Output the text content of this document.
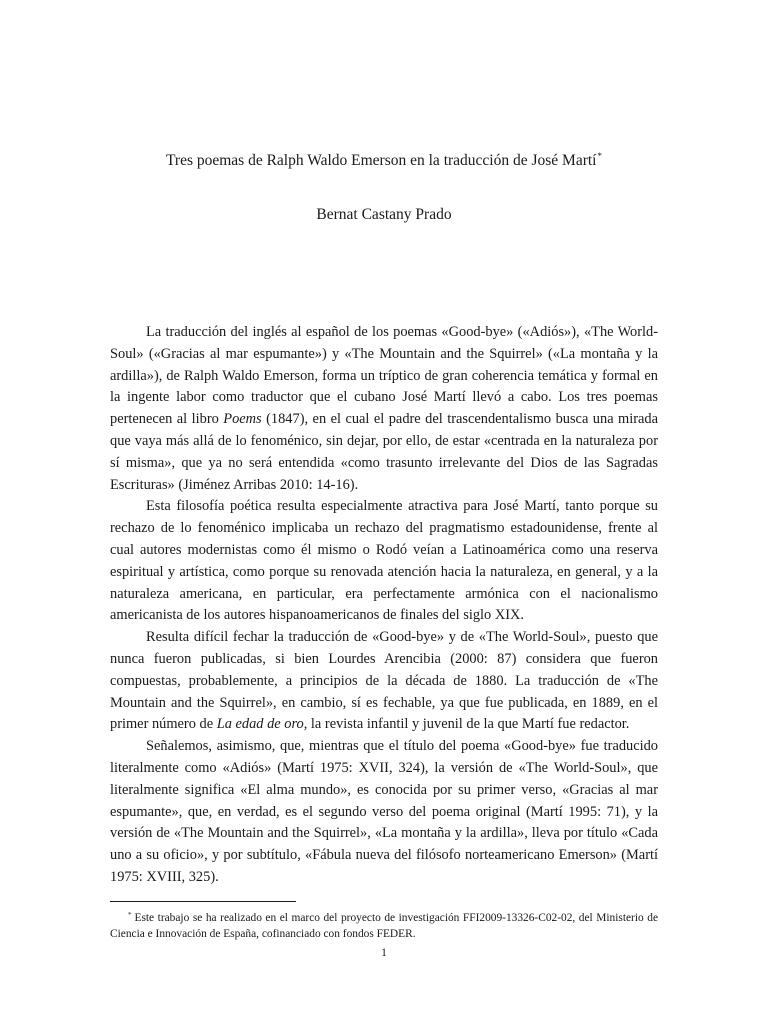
Tres poemas de Ralph Waldo Emerson en la traducción de José Martí*
Bernat Castany Prado

La traducción del inglés al español de los poemas «Good-bye» («Adiós»), «The World-Soul» («Gracias al mar espumante») y «The Mountain and the Squirrel» («La montaña y la ardilla»), de Ralph Waldo Emerson, forma un tríptico de gran coherencia temática y formal en la ingente labor como traductor que el cubano José Martí llevó a cabo. Los tres poemas pertenecen al libro Poems (1847), en el cual el padre del trascendentalismo busca una mirada que vaya más allá de lo fenoménico, sin dejar, por ello, de estar «centrada en la naturaleza por sí misma», que ya no será entendida «como trasunto irrelevante del Dios de las Sagradas Escrituras» (Jiménez Arribas 2010: 14-16).

Esta filosofía poética resulta especialmente atractiva para José Martí, tanto porque su rechazo de lo fenoménico implicaba un rechazo del pragmatismo estadounidense, frente al cual autores modernistas como él mismo o Rodó veían a Latinoamérica como una reserva espiritual y artística, como porque su renovada atención hacia la naturaleza, en general, y a la naturaleza americana, en particular, era perfectamente armónica con el nacionalismo americanista de los autores hispanoamericanos de finales del siglo XIX.

Resulta difícil fechar la traducción de «Good-bye» y de «The World-Soul», puesto que nunca fueron publicadas, si bien Lourdes Arencibia (2000: 87) considera que fueron compuestas, probablemente, a principios de la década de 1880. La traducción de «The Mountain and the Squirrel», en cambio, sí es fechable, ya que fue publicada, en 1889, en el primer número de La edad de oro, la revista infantil y juvenil de la que Martí fue redactor.

Señalemos, asimismo, que, mientras que el título del poema «Good-bye» fue traducido literalmente como «Adiós» (Martí 1975: XVII, 324), la versión de «The World-Soul», que literalmente significa «El alma mundo», es conocida por su primer verso, «Gracias al mar espumante», que, en verdad, es el segundo verso del poema original (Martí 1995: 71), y la versión de «The Mountain and the Squirrel», «La montaña y la ardilla», lleva por título «Cada uno a su oficio», y por subtítulo, «Fábula nueva del filósofo norteamericano Emerson» (Martí 1975: XVIII, 325).

* Este trabajo se ha realizado en el marco del proyecto de investigación FFI2009-13326-C02-02, del Ministerio de Ciencia e Innovación de España, cofinanciado con fondos FEDER.
1
